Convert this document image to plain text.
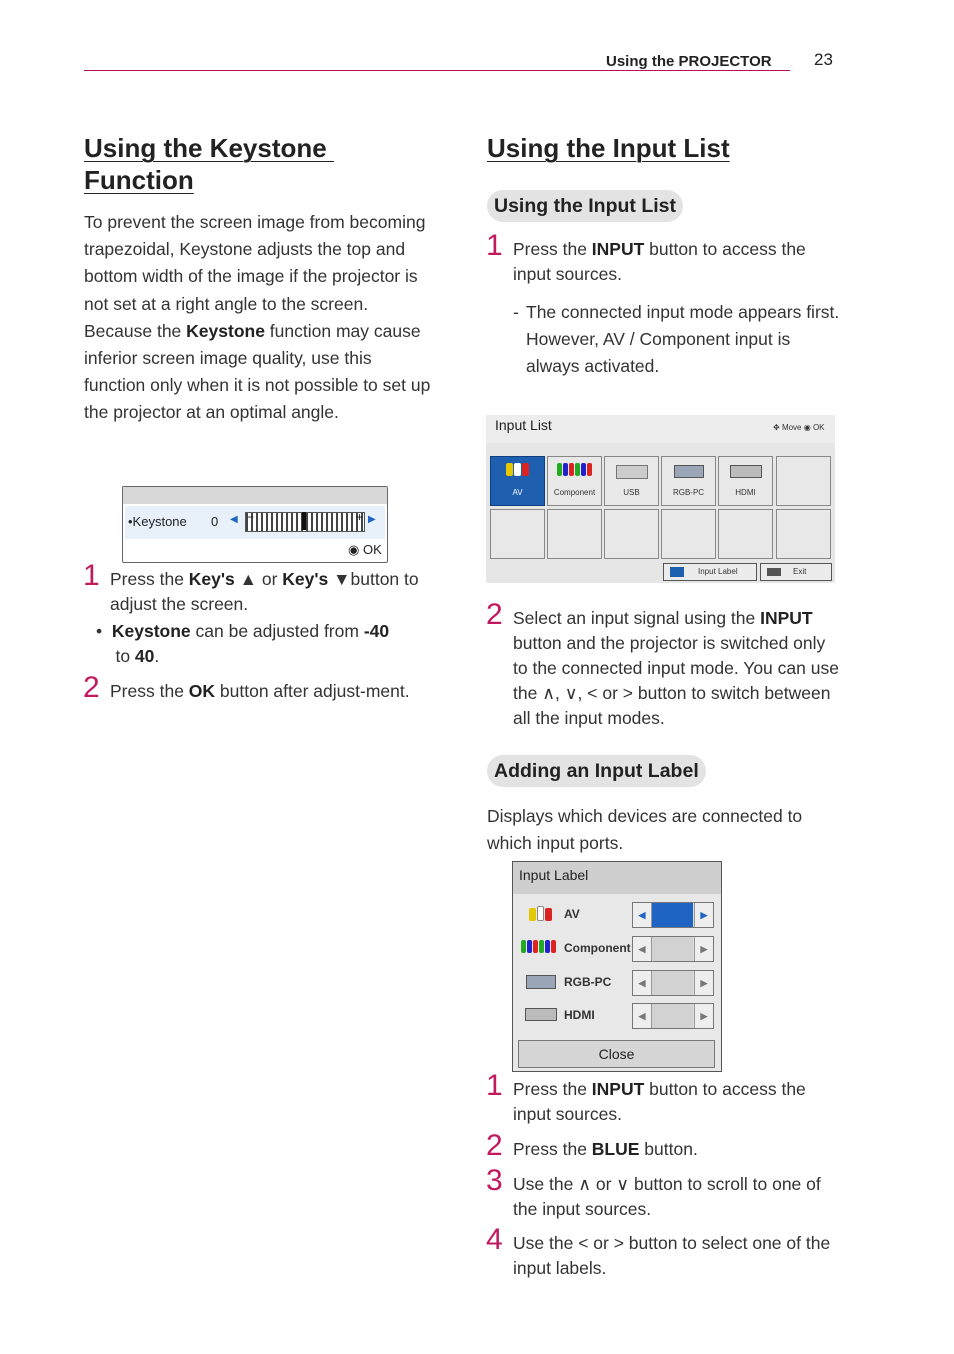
Using the PROJECTOR 23
Using the Keystone
Function
To prevent the screen image from becoming trapezoidal, Keystone adjusts the top and bottom width of the image if the projector is not set at a right angle to the screen.
Because the Keystone function may cause inferior screen image quality, use this function only when it is not possible to set up the projector at an optimal angle.
•Keystone 0 ◀ −	+ ▶
◉ OK
1 Press the Key's ▲ or Key's ▼button to adjust the screen.
• Keystone can be adjusted from -40
to 40.
2 Press the OK button after adjust-ment.
Using the Input List
Using the Input List
1 Press the INPUT button to access the input sources.
- The connected input mode appears first. However, AV / Component input is always activated.
Input List	✥ Move ◉ OK
AV	Component	USB	RGB-PC	HDMI
Input Label	Exit
2 Select an input signal using the INPUT button and the projector is switched only to the connected input mode. You can use the ∧, ∨, < or > button to switch between all the input modes.
Adding an Input Label
Displays which devices are connected to which input ports.
Input Label
AV	◀	▶
Component ◀	▶
RGB-PC	◀	▶
HDMI	◀	▶
Close
1 Press the INPUT button to access the input sources.
2 Press the BLUE button.
3 Use the ∧ or ∨ button to scroll to one of the input sources.
4 Use the < or > button to select one of the input labels.
